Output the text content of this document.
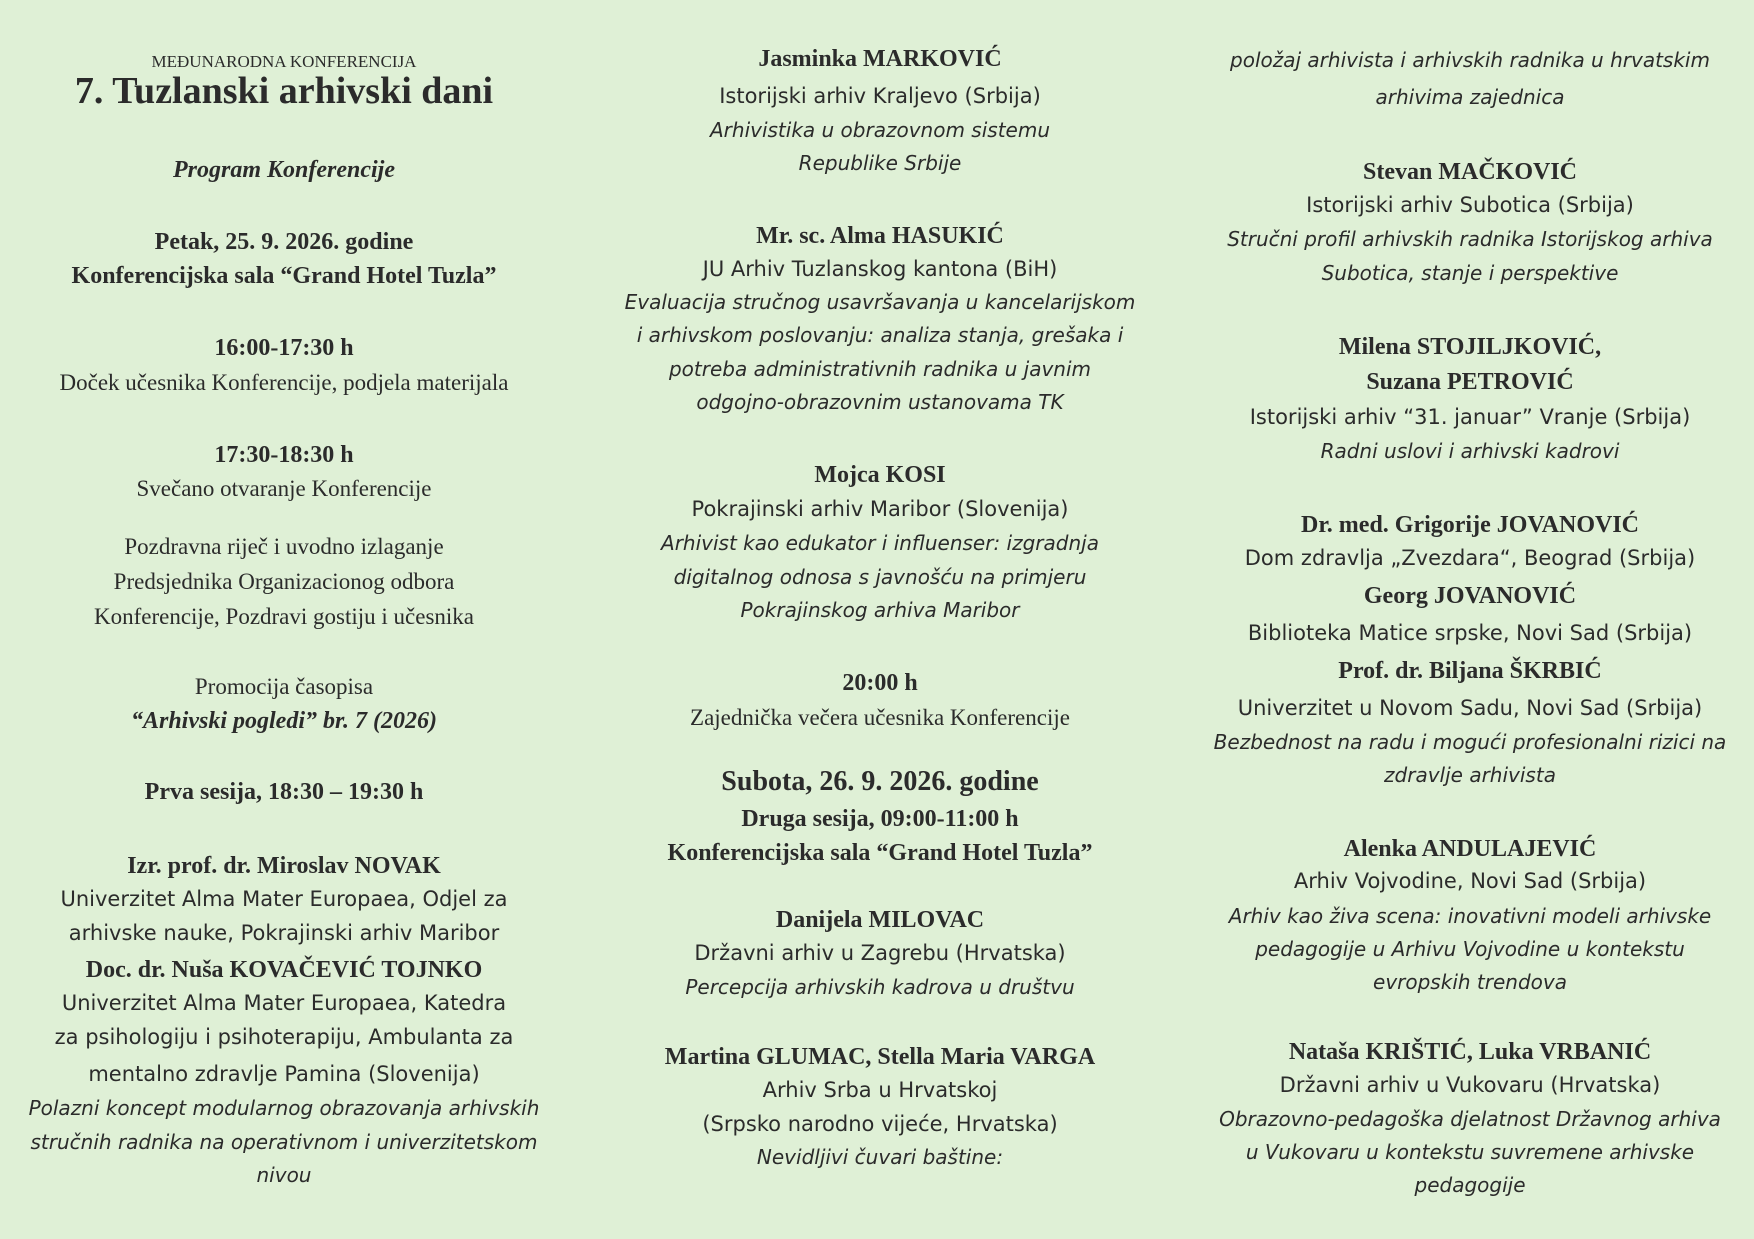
MEĐUNARODNA KONFERENCIJA
7. Tuzlanski arhivski dani
Program Konferencije
Petak, 25. 9. 2026. godine
Konferencijska sala “Grand Hotel Tuzla”
16:00-17:30 h
Doček učesnika Konferencije, podjela materijala
17:30-18:30 h
Svečano otvaranje Konferencije
Pozdravna riječ i uvodno izlaganje
Predsjednika Organizacionog odbora
Konferencije, Pozdravi gostiju i učesnika
Promocija časopisa
“Arhivski pogledi” br. 7 (2026)
Prva sesija, 18:30 – 19:30 h
Izr. prof. dr. Miroslav NOVAK
Univerzitet Alma Mater Europaea, Odjel za
arhivske nauke, Pokrajinski arhiv Maribor
Doc. dr. Nuša KOVAČEVIĆ TOJNKO
Univerzitet Alma Mater Europaea, Katedra
za psihologiju i psihoterapiju, Ambulanta za
mentalno zdravlje Pamina (Slovenija)
Polazni koncept modularnog obrazovanja arhivskih
stručnih radnika na operativnom i univerzitetskom
nivou
Jasminka MARKOVIĆ
Istorijski arhiv Kraljevo (Srbija)
Arhivistika u obrazovnom sistemu
Republike Srbije
Mr. sc. Alma HASUKIĆ
JU Arhiv Tuzlanskog kantona (BiH)
Evaluacija stručnog usavršavanja u kancelarijskom
i arhivskom poslovanju: analiza stanja, grešaka i
potreba administrativnih radnika u javnim
odgojno-obrazovnim ustanovama TK
Mojca KOSI
Pokrajinski arhiv Maribor (Slovenija)
Arhivist kao edukator i influenser: izgradnja
digitalnog odnosa s javnošću na primjeru
Pokrajinskog arhiva Maribor
20:00 h
Zajednička večera učesnika Konferencije
Subota, 26. 9. 2026. godine
Druga sesija, 09:00-11:00 h
Konferencijska sala “Grand Hotel Tuzla”
Danijela MILOVAC
Državni arhiv u Zagrebu (Hrvatska)
Percepcija arhivskih kadrova u društvu
Martina GLUMAC, Stella Maria VARGA
Arhiv Srba u Hrvatskoj
(Srpsko narodno vijeće, Hrvatska)
Nevidljivi čuvari baštine:
položaj arhivista i arhivskih radnika u hrvatskim
arhivima zajednica
Stevan MAČKOVIĆ
Istorijski arhiv Subotica (Srbija)
Stručni profil arhivskih radnika Istorijskog arhiva
Subotica, stanje i perspektive
Milena STOJILJKOVIĆ,
Suzana PETROVIĆ
Istorijski arhiv “31. januar” Vranje (Srbija)
Radni uslovi i arhivski kadrovi
Dr. med. Grigorije JOVANOVIĆ
Dom zdravlja „Zvezdara“, Beograd (Srbija)
Georg JOVANOVIĆ
Biblioteka Matice srpske, Novi Sad (Srbija)
Prof. dr. Biljana ŠKRBIĆ
Univerzitet u Novom Sadu, Novi Sad (Srbija)
Bezbednost na radu i mogući profesionalni rizici na
zdravlje arhivista
Alenka ANDULAJEVIĆ
Arhiv Vojvodine, Novi Sad (Srbija)
Arhiv kao živa scena: inovativni modeli arhivske
pedagogije u Arhivu Vojvodine u kontekstu
evropskih trendova
Nataša KRIŠTIĆ, Luka VRBANIĆ
Državni arhiv u Vukovaru (Hrvatska)
Obrazovno-pedagoška djelatnost Državnog arhiva
u Vukovaru u kontekstu suvremene arhivske
pedagogije
